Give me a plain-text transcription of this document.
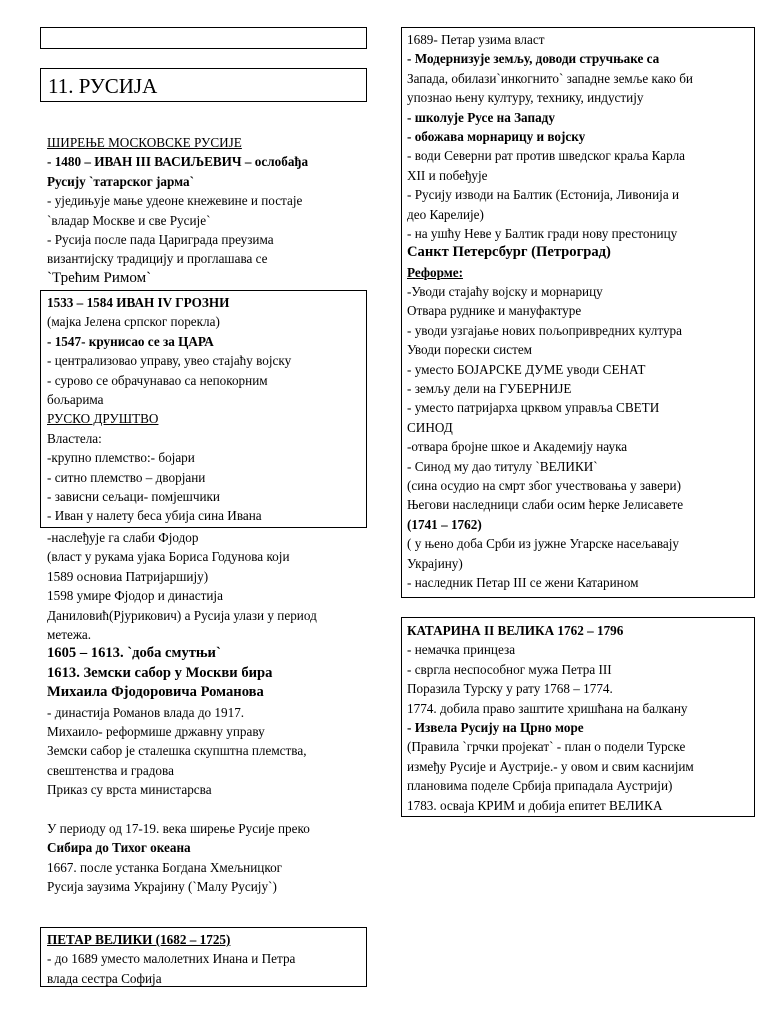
11. РУСИЈА
ШИРЕЊЕ МОСКОВСКЕ РУСИЈЕ
- 1480 – ИВАН III ВАСИЉЕВИЧ – ослобађа
Русију `татарског јарма`
- уједињује мање удеоне кнежевине и постаје
`владар Москве и све Русије`
- Русија после пада Цариграда преузима
византијску традицију и проглашава се
`Трећим Римом`
1533 – 1584 ИВАН IV ГРОЗНИ
(мајка Јелена српског порекла)
- 1547- крунисао се за ЦАРА
- централизовао управу, увео стајаћу војску
- сурово се обрачунавао са непокорним
бољарима
РУСКО ДРУШТВО
Властела:
-крупно племство:- бојари
- ситно племство – дворјани
- зависни сељаци- помјешчики
- Иван у налету беса убија сина Ивана
-наслеђује га слаби Фјодор
(власт у рукама ујака Бориса Годунова који
1589 основиа Патријаршију)
1598 умире Фјодор и династија
Даниловић(Рјурикович) а Русија улази у период
метежа.
1605 – 1613. `доба смутњи`
1613. Земски сабор у Москви бира
Михаила Фјодоровича Романова
- династија Романов влада до 1917.
Михаило- реформише државну управу
Земски сабор је сталешка скупштна племства,
свештенства и градова
Приказ су врста министарсва
У периоду од 17-19. века ширење Русије преко
Сибира до Тихог океана
1667. после устанка Богдана Хмељницког
Русија заузима Украјину (`Малу Русију`)
ПЕТАР ВЕЛИКИ (1682 – 1725)
- до 1689 уместо малолетних Инана и Петра
влада сестра Софија
1689- Петар узима власт
- Модернизује земљу, доводи стручњаке са
Запада, обилази`инкогнито` западне земље како би
упознао њену културу, технику, индустију
- школује Русе на Западу
- обожава морнарицу и војску
- води Северни рат против шведског краља Карла
XII и побеђује
- Русију изводи на Балтик (Естонија, Ливонија и
део Карелије)
- на ушћу Неве у Балтик гради нову престоницу
Санкт Петерсбург (Петроград)
Реформе:
-Уводи стајаћу војску и морнарицу
Отвара руднике и мануфактуре
- уводи узгајање нових пољопривредних култура
Уводи порески систем
- уместо БОЈАРСКЕ ДУМЕ уводи СЕНАТ
- земљу дели на ГУБЕРНИЈЕ
- уместо патријарха црквом управља СВЕТИ
СИНОД
-отвара бројне шкое и Академију наука
- Синод му дао титулу `ВЕЛИКИ`
(сина осудио на смрт због учествовања у завери)
Његови наследници слаби осим ћерке Јелисавете
(1741 – 1762)
( у њено доба Срби из јужне Угарске насељавају
Украјину)
- наследник Петар III се жени Катарином
КАТАРИНА II ВЕЛИКА 1762 – 1796
- немачка принцеза
- свргла неспособног мужа Петра III
Поразила Турску у рату 1768 – 1774.
1774. добила право заштите хришћана на балкану
- Извела Русију на Црно море
(Правила `грчки пројекат` - план о подели Турске
између Русије и Аустрије.- у овом и свим каснијим
плановима поделе Србија припадала Аустрији)
1783. осваја КРИМ и добија епитет ВЕЛИКА
